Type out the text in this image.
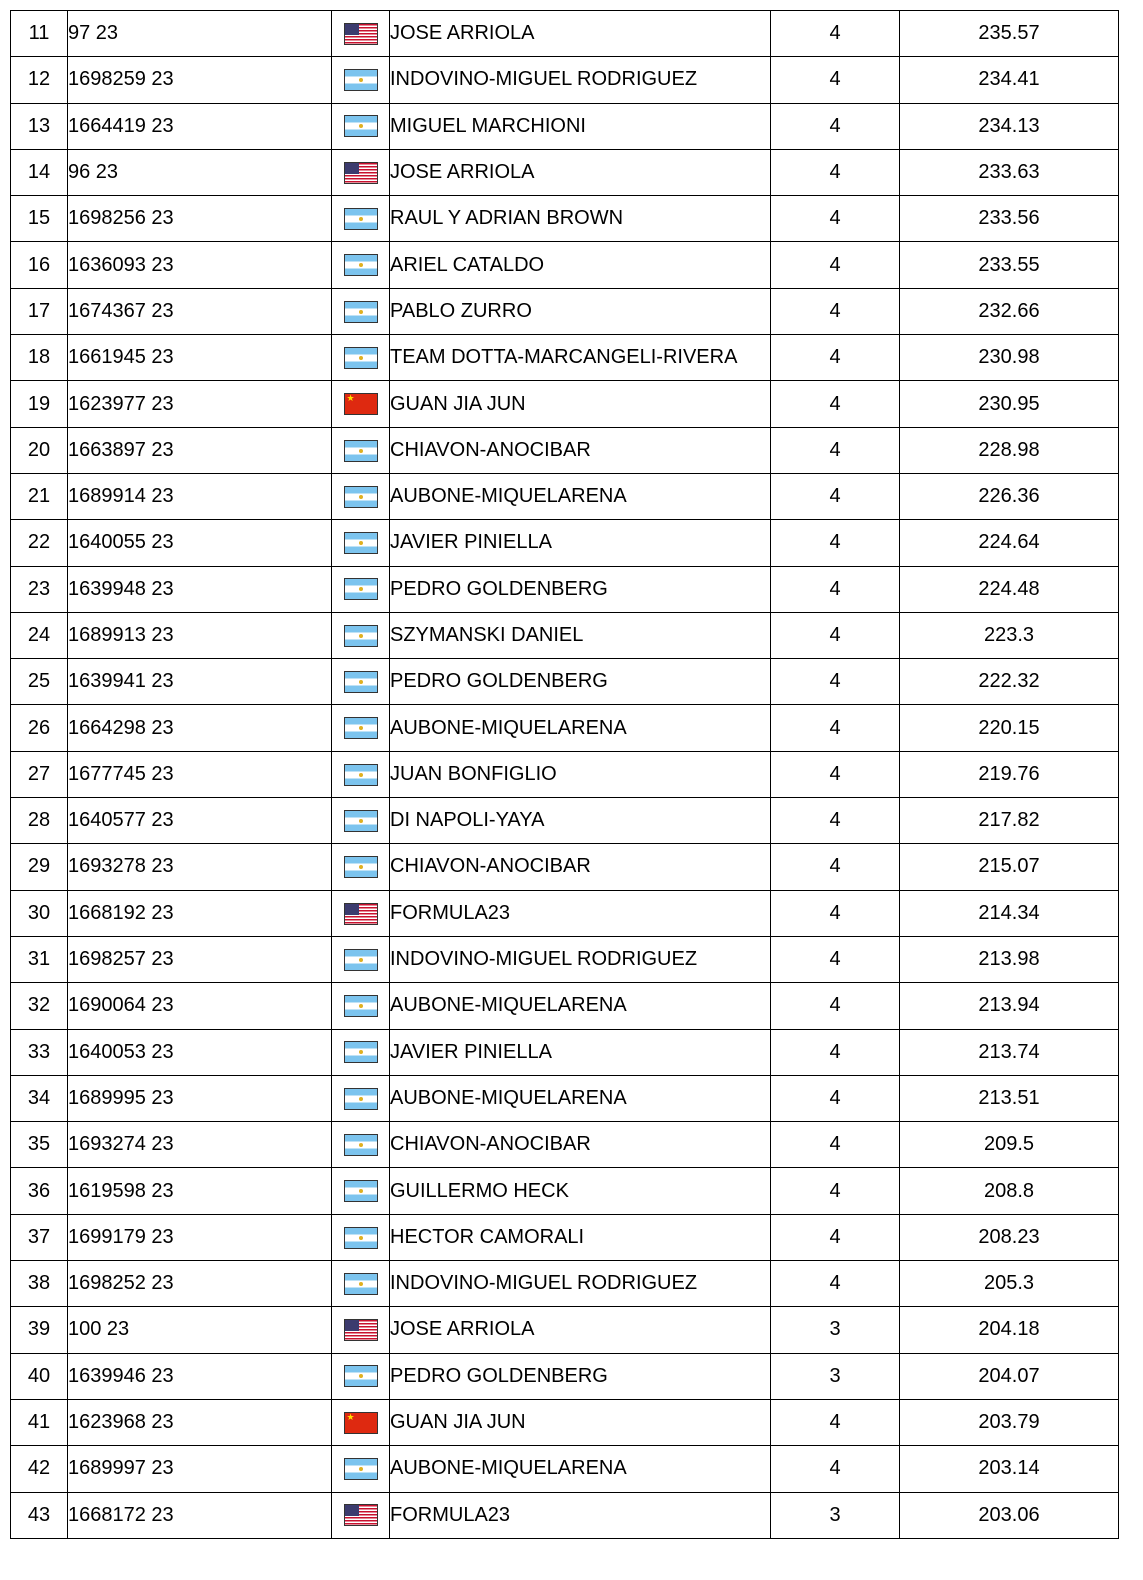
11	97 23		JOSE ARRIOLA	4	235.57
12	1698259 23		INDOVINO-MIGUEL RODRIGUEZ	4	234.41
13	1664419 23		MIGUEL MARCHIONI	4	234.13
14	96 23		JOSE ARRIOLA	4	233.63
15	1698256 23		RAUL Y ADRIAN BROWN	4	233.56
16	1636093 23		ARIEL CATALDO	4	233.55
17	1674367 23		PABLO ZURRO	4	232.66
18	1661945 23		TEAM DOTTA-MARCANGELI-RIVERA	4	230.98
19	1623977 23	★	GUAN JIA JUN	4	230.95
20	1663897 23		CHIAVON-ANOCIBAR	4	228.98
21	1689914 23		AUBONE-MIQUELARENA	4	226.36
22	1640055 23		JAVIER PINIELLA	4	224.64
23	1639948 23		PEDRO GOLDENBERG	4	224.48
24	1689913 23		SZYMANSKI DANIEL	4	223.3
25	1639941 23		PEDRO GOLDENBERG	4	222.32
26	1664298 23		AUBONE-MIQUELARENA	4	220.15
27	1677745 23		JUAN BONFIGLIO	4	219.76
28	1640577 23		DI NAPOLI-YAYA	4	217.82
29	1693278 23		CHIAVON-ANOCIBAR	4	215.07
30	1668192 23		FORMULA23	4	214.34
31	1698257 23		INDOVINO-MIGUEL RODRIGUEZ	4	213.98
32	1690064 23		AUBONE-MIQUELARENA	4	213.94
33	1640053 23		JAVIER PINIELLA	4	213.74
34	1689995 23		AUBONE-MIQUELARENA	4	213.51
35	1693274 23		CHIAVON-ANOCIBAR	4	209.5
36	1619598 23		GUILLERMO HECK	4	208.8
37	1699179 23		HECTOR CAMORALI	4	208.23
38	1698252 23		INDOVINO-MIGUEL RODRIGUEZ	4	205.3
39	100 23		JOSE ARRIOLA	3	204.18
40	1639946 23		PEDRO GOLDENBERG	3	204.07
41	1623968 23	★	GUAN JIA JUN	4	203.79
42	1689997 23		AUBONE-MIQUELARENA	4	203.14
43	1668172 23		FORMULA23	3	203.06
